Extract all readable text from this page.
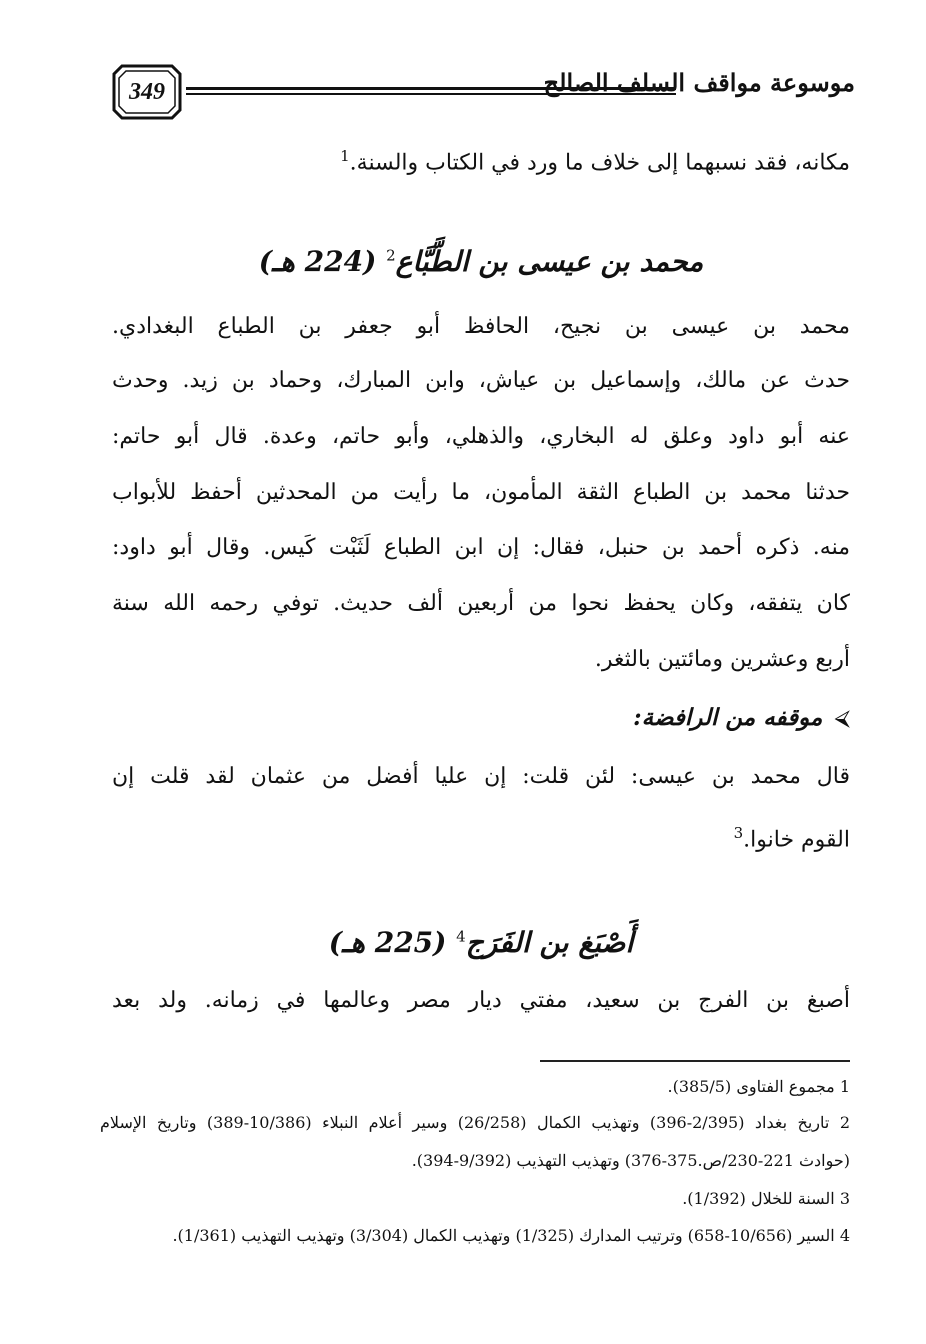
349	موسوعة مواقف السلف الصالح
مكانه، فقد نسبهما إلى خلاف ما ورد في الكتاب والسنة.$^1$
محمد بن عيسى بن الطَّبَّاع$^2$ (224 هـ)
محمد بن عيسى بن نجيح، الحافظ أبو جعفر بن الطباع البغدادي.
حدث عن مالك، وإسماعيل بن عياش، وابن المبارك، وحماد بن زيد. وحدث
عنه أبو داود وعلق له البخاري، والذهلي، وأبو حاتم، وعدة. قال أبو حاتم:
حدثنا محمد بن الطباع الثقة المأمون، ما رأيت من المحدثين أحفظ للأبواب
منه. ذكره أحمد بن حنبل، فقال: إن ابن الطباع لَثَبْت كَيس. وقال أبو داود:
كان يتفقه، وكان يحفظ نحوا من أربعين ألف حديث. توفي رحمه الله سنة
أربع وعشرين ومائتين بالثغر.
⮘موقفه من الرافضة:
قال محمد بن عيسى: لئن قلت: إن عليا أفضل من عثمان لقد قلت إن
القوم خانوا.$^3$
أَصْبَغ بن الفَرَج$^4$ (225 هـ)
أصبغ بن الفرج بن سعيد، مفتي ديار مصر وعالمها في زمانه. ولد بعد
1 مجموع الفتاوى (385/5).
2 تاريخ بغداد (2/395-396) وتهذيب الكمال (26/258) وسير أعلام النبلاء (10/386-389) وتاريخ الإسلام
(حوادث 221-230/ص.375-376) وتهذيب التهذيب (9/392-394).
3 السنة للخلال (1/392).
4 السير (10/656-658) وترتيب المدارك (1/325) وتهذيب الكمال (3/304) وتهذيب التهذيب (1/361).
